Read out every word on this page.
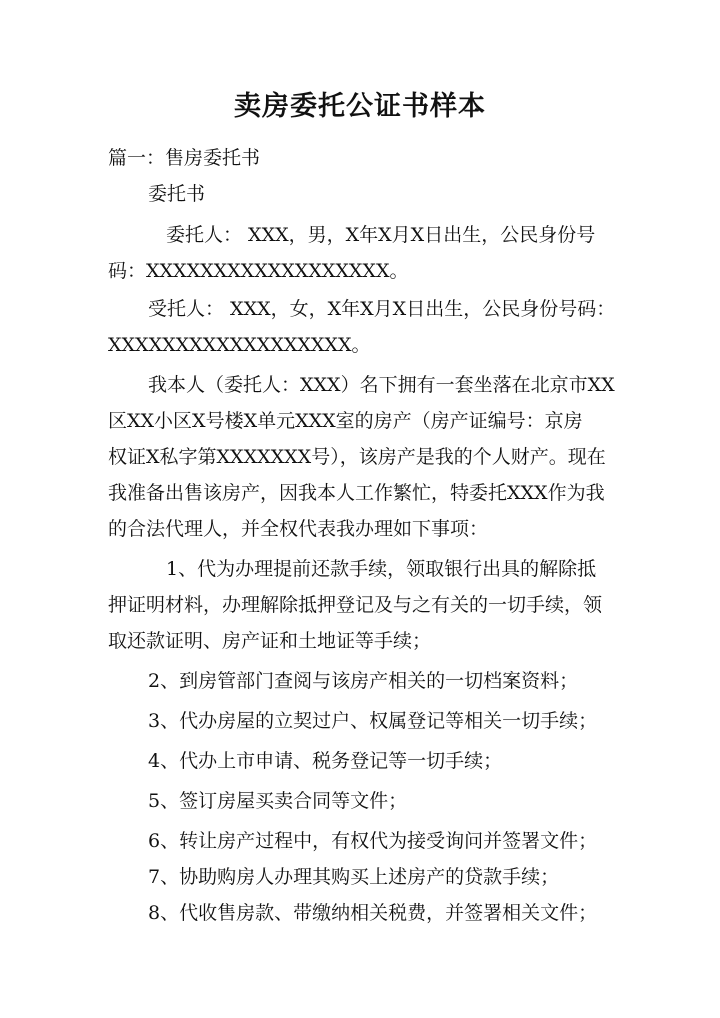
卖房委托公证书样本
篇一：售房委托书
委托书
委托人： XXX，男，X年X月X日出生，公民身份号
码：XXXXXXXXXXXXXXXXXX。
受托人： XXX，女，X年X月X日出生，公民身份号码：
XXXXXXXXXXXXXXXXXX。
我本人（委托人：XXX）名下拥有一套坐落在北京市XX
区XX小区X号楼X单元XXX室的房产（房产证编号：京房
权证X私字第XXXXXXX号），该房产是我的个人财产。现在
我准备出售该房产，因我本人工作繁忙，特委托XXX作为我
的合法代理人，并全权代表我办理如下事项：
1、代为办理提前还款手续，领取银行出具的解除抵
押证明材料，办理解除抵押登记及与之有关的一切手续，领
取还款证明、房产证和土地证等手续；
2、到房管部门查阅与该房产相关的一切档案资料；
3、代办房屋的立契过户、权属登记等相关一切手续；
4、代办上市申请、税务登记等一切手续；
5、签订房屋买卖合同等文件；
6、转让房产过程中，有权代为接受询问并签署文件；
7、协助购房人办理其购买上述房产的贷款手续；
8、代收售房款、带缴纳相关税费，并签署相关文件；
